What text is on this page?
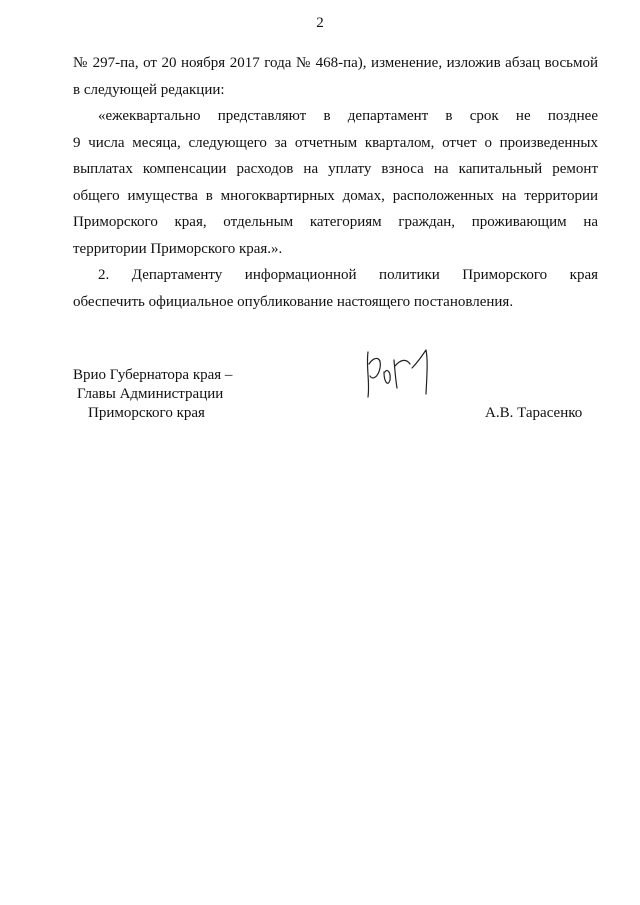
2
№ 297-па, от 20 ноября 2017 года № 468-па), изменение, изложив абзац восьмой
в следующей редакции:
«ежеквартально представляют в департамент в срок не позднее
9 числа месяца, следующего за отчетным кварталом, отчет о произведенных
выплатах компенсации расходов на уплату взноса на капитальный ремонт
общего имущества в многоквартирных домах, расположенных на территории
Приморского края, отдельным категориям граждан, проживающим на
территории Приморского края.».
2. Департаменту информационной политики Приморского края
обеспечить официальное опубликование настоящего постановления.
Врио Губернатора края –
Главы Администрации
Приморского края	А.В. Тарасенко
